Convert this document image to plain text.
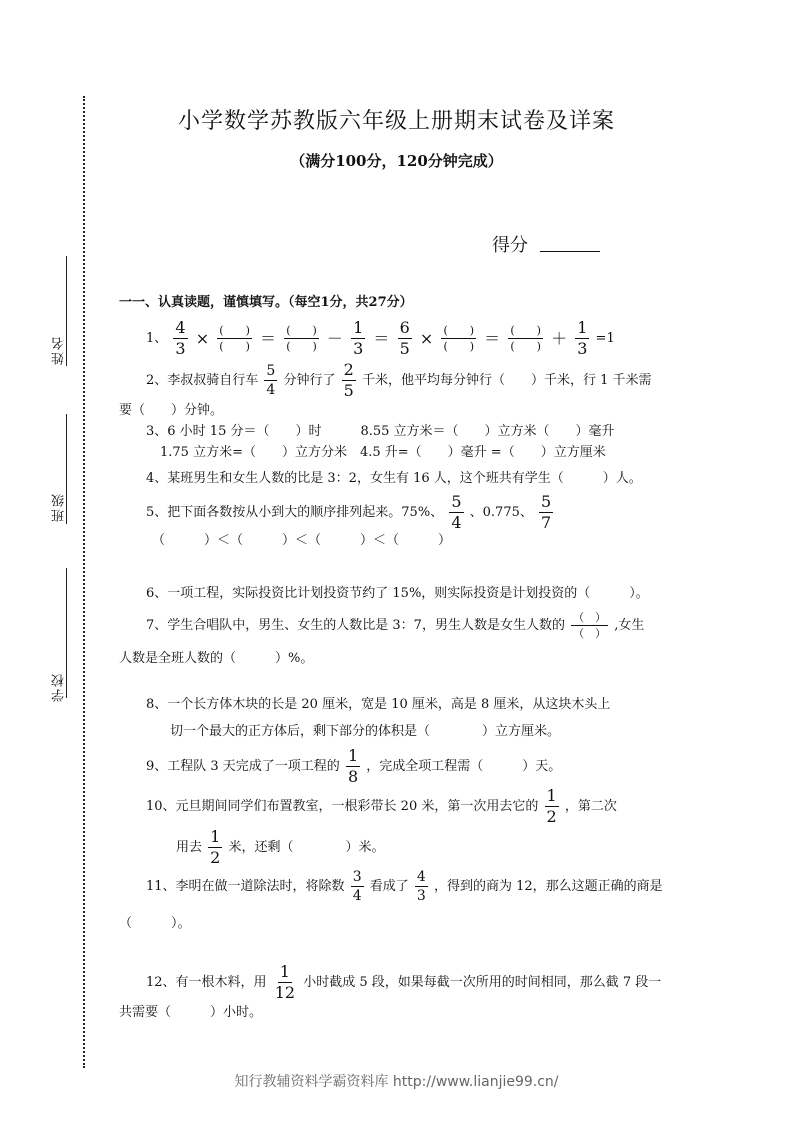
姓名
班级
学校
小学数学苏教版六年级上册期末试卷及详案
（满分100分，120分钟完成）
得分
一一、认真读题，谨慎填写。（每空1分，共27分）
1、 $\frac{4}{3} \times \frac{( )}{( )} = \frac{( )}{( )} - \frac{1}{3} = \frac{6}{5} \times \frac{( )}{( )} = \frac{( )}{( )} + \frac{1}{3} =1$
2、李叔叔骑自行车 $\frac{5}{4}$ 分钟行了 $\frac{2}{5}$ 千米，他平均每分钟行（　　）千米，行 1 千米需
要（　　）分钟。
3、6 小时 15 分＝（　　）时　　　8.55 立方米＝（　　）立方米（　　）毫升
1.75 立方米=（　　）立方分米　4.5 升=（　　）毫升 =（　　）立方厘米
4、某班男生和女生人数的比是 3：2，女生有 16 人，这个班共有学生（　　　）人。
5、把下面各数按从小到大的顺序排列起来。75%、 $\frac{5}{4}$ 、0.775、 $\frac{5}{7}$
（　　　）＜（　　　）＜（　　　）＜（　　　）
6、一项工程，实际投资比计划投资节约了 15%，则实际投资是计划投资的（　　　）。
7、学生合唱队中，男生、女生的人数比是 3：7，男生人数是女生人数的 $\frac{( )}{( )}$ ,女生
人数是全班人数的（　　　）%。
8、一个长方体木块的长是 20 厘米，宽是 10 厘米，高是 8 厘米，从这块木头上
切一个最大的正方体后，剩下部分的体积是（　　　　）立方厘米。
9、工程队 3 天完成了一项工程的 $\frac{1}{8}$ ，完成全项工程需（　　　）天。
10、元旦期间同学们布置教室，一根彩带长 20 米，第一次用去它的 $\frac{1}{2}$ ，第二次
用去 $\frac{1}{2}$ 米，还剩（　　　　）米。
11、李明在做一道除法时，将除数 $\frac{3}{4}$ 看成了 $\frac{4}{3}$ ，得到的商为 12，那么这题正确的商是
（　　　）。
12、有一根木料，用 $\frac{1}{12}$ 小时截成 5 段，如果每截一次所用的时间相同，那么截 7 段一
共需要（　　　）小时。
知行教辅资料学霸资料库 http://www.lianjie99.cn/
